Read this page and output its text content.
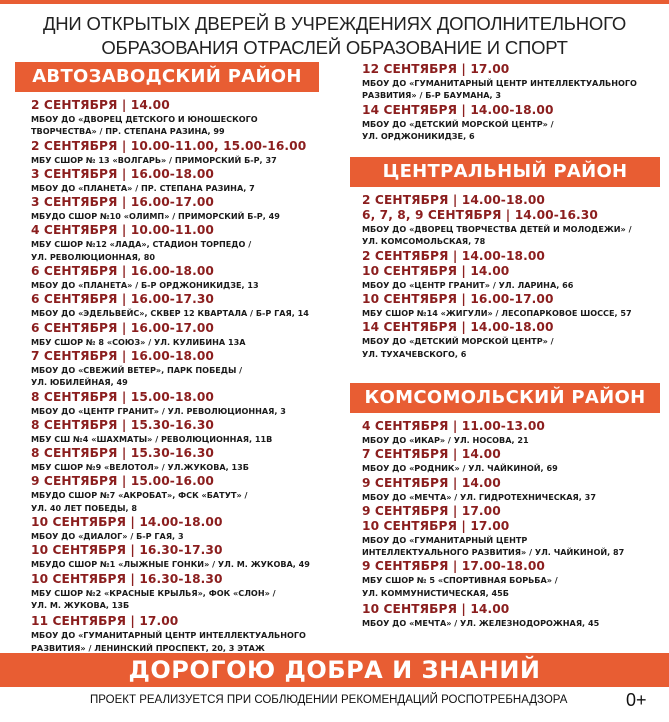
ДНИ ОТКРЫТЫХ ДВЕРЕЙ В УЧРЕЖДЕНИЯХ ДОПОЛНИТЕЛЬНОГО
ОБРАЗОВАНИЯ ОТРАСЛЕЙ ОБРАЗОВАНИЕ И СПОРТ
АВТОЗАВОДСКИЙ РАЙОН
2 СЕНТЯБРЯ | 14.00
МБОУ ДО «ДВОРЕЦ ДЕТСКОГО И ЮНОШЕСКОГО
ТВОРЧЕСТВА» / ПР. СТЕПАНА РАЗИНА, 99
2 СЕНТЯБРЯ | 10.00-11.00, 15.00-16.00
МБУ СШОР № 13 «ВОЛГАРЬ» / ПРИМОРСКИЙ Б-Р, 37
3 СЕНТЯБРЯ | 16.00-18.00
МБОУ ДО «ПЛАНЕТА» / ПР. СТЕПАНА РАЗИНА, 7
3 СЕНТЯБРЯ | 16.00-17.00
МБУДО СШОР №10 «ОЛИМП» / ПРИМОРСКИЙ Б-Р, 49
4 СЕНТЯБРЯ | 10.00-11.00
МБУ СШОР №12 «ЛАДА», СТАДИОН ТОРПЕДО /
УЛ. РЕВОЛЮЦИОННАЯ, 80
6 СЕНТЯБРЯ | 16.00-18.00
МБОУ ДО «ПЛАНЕТА» / Б-Р ОРДЖОНИКИДЗЕ, 13
6 СЕНТЯБРЯ | 16.00-17.30
МБОУ ДО «ЭДЕЛЬВЕЙС», СКВЕР 12 КВАРТАЛА / Б-Р ГАЯ, 14
6 СЕНТЯБРЯ | 16.00-17.00
МБУ СШОР № 8 «СОЮЗ» / УЛ. КУЛИБИНА 13А
7 СЕНТЯБРЯ | 16.00-18.00
МБОУ ДО «СВЕЖИЙ ВЕТЕР», ПАРК ПОБЕДЫ /
УЛ. ЮБИЛЕЙНАЯ, 49
8 СЕНТЯБРЯ | 15.00-18.00
МБОУ ДО «ЦЕНТР ГРАНИТ» / УЛ. РЕВОЛЮЦИОННАЯ, 3
8 СЕНТЯБРЯ | 15.30-16.30
МБУ СШ №4 «ШАХМАТЫ» / РЕВОЛЮЦИОННАЯ, 11В
8 СЕНТЯБРЯ | 15.30-16.30
МБУ СШОР №9 «ВЕЛОТОЛ» / УЛ.ЖУКОВА, 13Б
9 СЕНТЯБРЯ | 15.00-16.00
МБУДО СШОР №7 «АКРОБАТ», ФСК «БАТУТ» /
УЛ. 40 ЛЕТ ПОБЕДЫ, 8
10 СЕНТЯБРЯ | 14.00-18.00
МБОУ ДО «ДИАЛОГ» / Б-Р ГАЯ, 3
10 СЕНТЯБРЯ | 16.30-17.30
МБУДО СШОР №1 «ЛЫЖНЫЕ ГОНКИ» / УЛ. М. ЖУКОВА, 49
10 СЕНТЯБРЯ | 16.30-18.30
МБУ СШОР №2 «КРАСНЫЕ КРЫЛЬЯ», ФОК «СЛОН» /
УЛ. М. ЖУКОВА, 13Б
11 СЕНТЯБРЯ | 17.00
МБОУ ДО «ГУМАНИТАРНЫЙ ЦЕНТР ИНТЕЛЛЕКТУАЛЬНОГО
РАЗВИТИЯ» / ЛЕНИНСКИЙ ПРОСПЕКТ, 20, 3 ЭТАЖ
12 СЕНТЯБРЯ | 17.00
МБОУ ДО «ГУМАНИТАРНЫЙ ЦЕНТР ИНТЕЛЛЕКТУАЛЬНОГО
РАЗВИТИЯ» / Б-Р БАУМАНА, 3
14 СЕНТЯБРЯ | 14.00-18.00
МБОУ ДО «ДЕТСКИЙ МОРСКОЙ ЦЕНТР» /
УЛ. ОРДЖОНИКИДЗЕ, 6
ЦЕНТРАЛЬНЫЙ РАЙОН
2 СЕНТЯБРЯ | 14.00-18.00
6, 7, 8, 9 СЕНТЯБРЯ | 14.00-16.30
МБОУ ДО «ДВОРЕЦ ТВОРЧЕСТВА ДЕТЕЙ И МОЛОДЕЖИ» /
УЛ. КОМСОМОЛЬСКАЯ, 78
2 СЕНТЯБРЯ | 14.00-18.00
10 СЕНТЯБРЯ | 14.00
МБОУ ДО «ЦЕНТР ГРАНИТ» / УЛ. ЛАРИНА, 66
10 СЕНТЯБРЯ | 16.00-17.00
МБУ СШОР №14 «ЖИГУЛИ» / ЛЕСОПАРКОВОЕ ШОССЕ, 57
14 СЕНТЯБРЯ | 14.00-18.00
МБОУ ДО «ДЕТСКИЙ МОРСКОЙ ЦЕНТР» /
УЛ. ТУХАЧЕВСКОГО, 6
КОМСОМОЛЬСКИЙ РАЙОН
4 СЕНТЯБРЯ | 11.00-13.00
МБОУ ДО «ИКАР» / УЛ. НОСОВА, 21
7 СЕНТЯБРЯ | 14.00
МБОУ ДО «РОДНИК» / УЛ. ЧАЙКИНОЙ, 69
9 СЕНТЯБРЯ | 14.00
МБОУ ДО «МЕЧТА» / УЛ. ГИДРОТЕХНИЧЕСКАЯ, 37
9 СЕНТЯБРЯ | 17.00
10 СЕНТЯБРЯ | 17.00
МБОУ ДО «ГУМАНИТАРНЫЙ ЦЕНТР
ИНТЕЛЛЕКТУАЛЬНОГО РАЗВИТИЯ» / УЛ. ЧАЙКИНОЙ, 87
9 СЕНТЯБРЯ | 17.00-18.00
МБУ СШОР № 5 «СПОРТИВНАЯ БОРЬБА» /
УЛ. КОММУНИСТИЧЕСКАЯ, 45Б
10 СЕНТЯБРЯ | 14.00
МБОУ ДО «МЕЧТА» / УЛ. ЖЕЛЕЗНОДОРОЖНАЯ, 45
ДОРОГОЮ ДОБРА И ЗНАНИЙ
ПРОЕКТ РЕАЛИЗУЕТСЯ ПРИ СОБЛЮДЕНИИ РЕКОМЕНДАЦИЙ РОСПОТРЕБНАДЗОРА	0+
